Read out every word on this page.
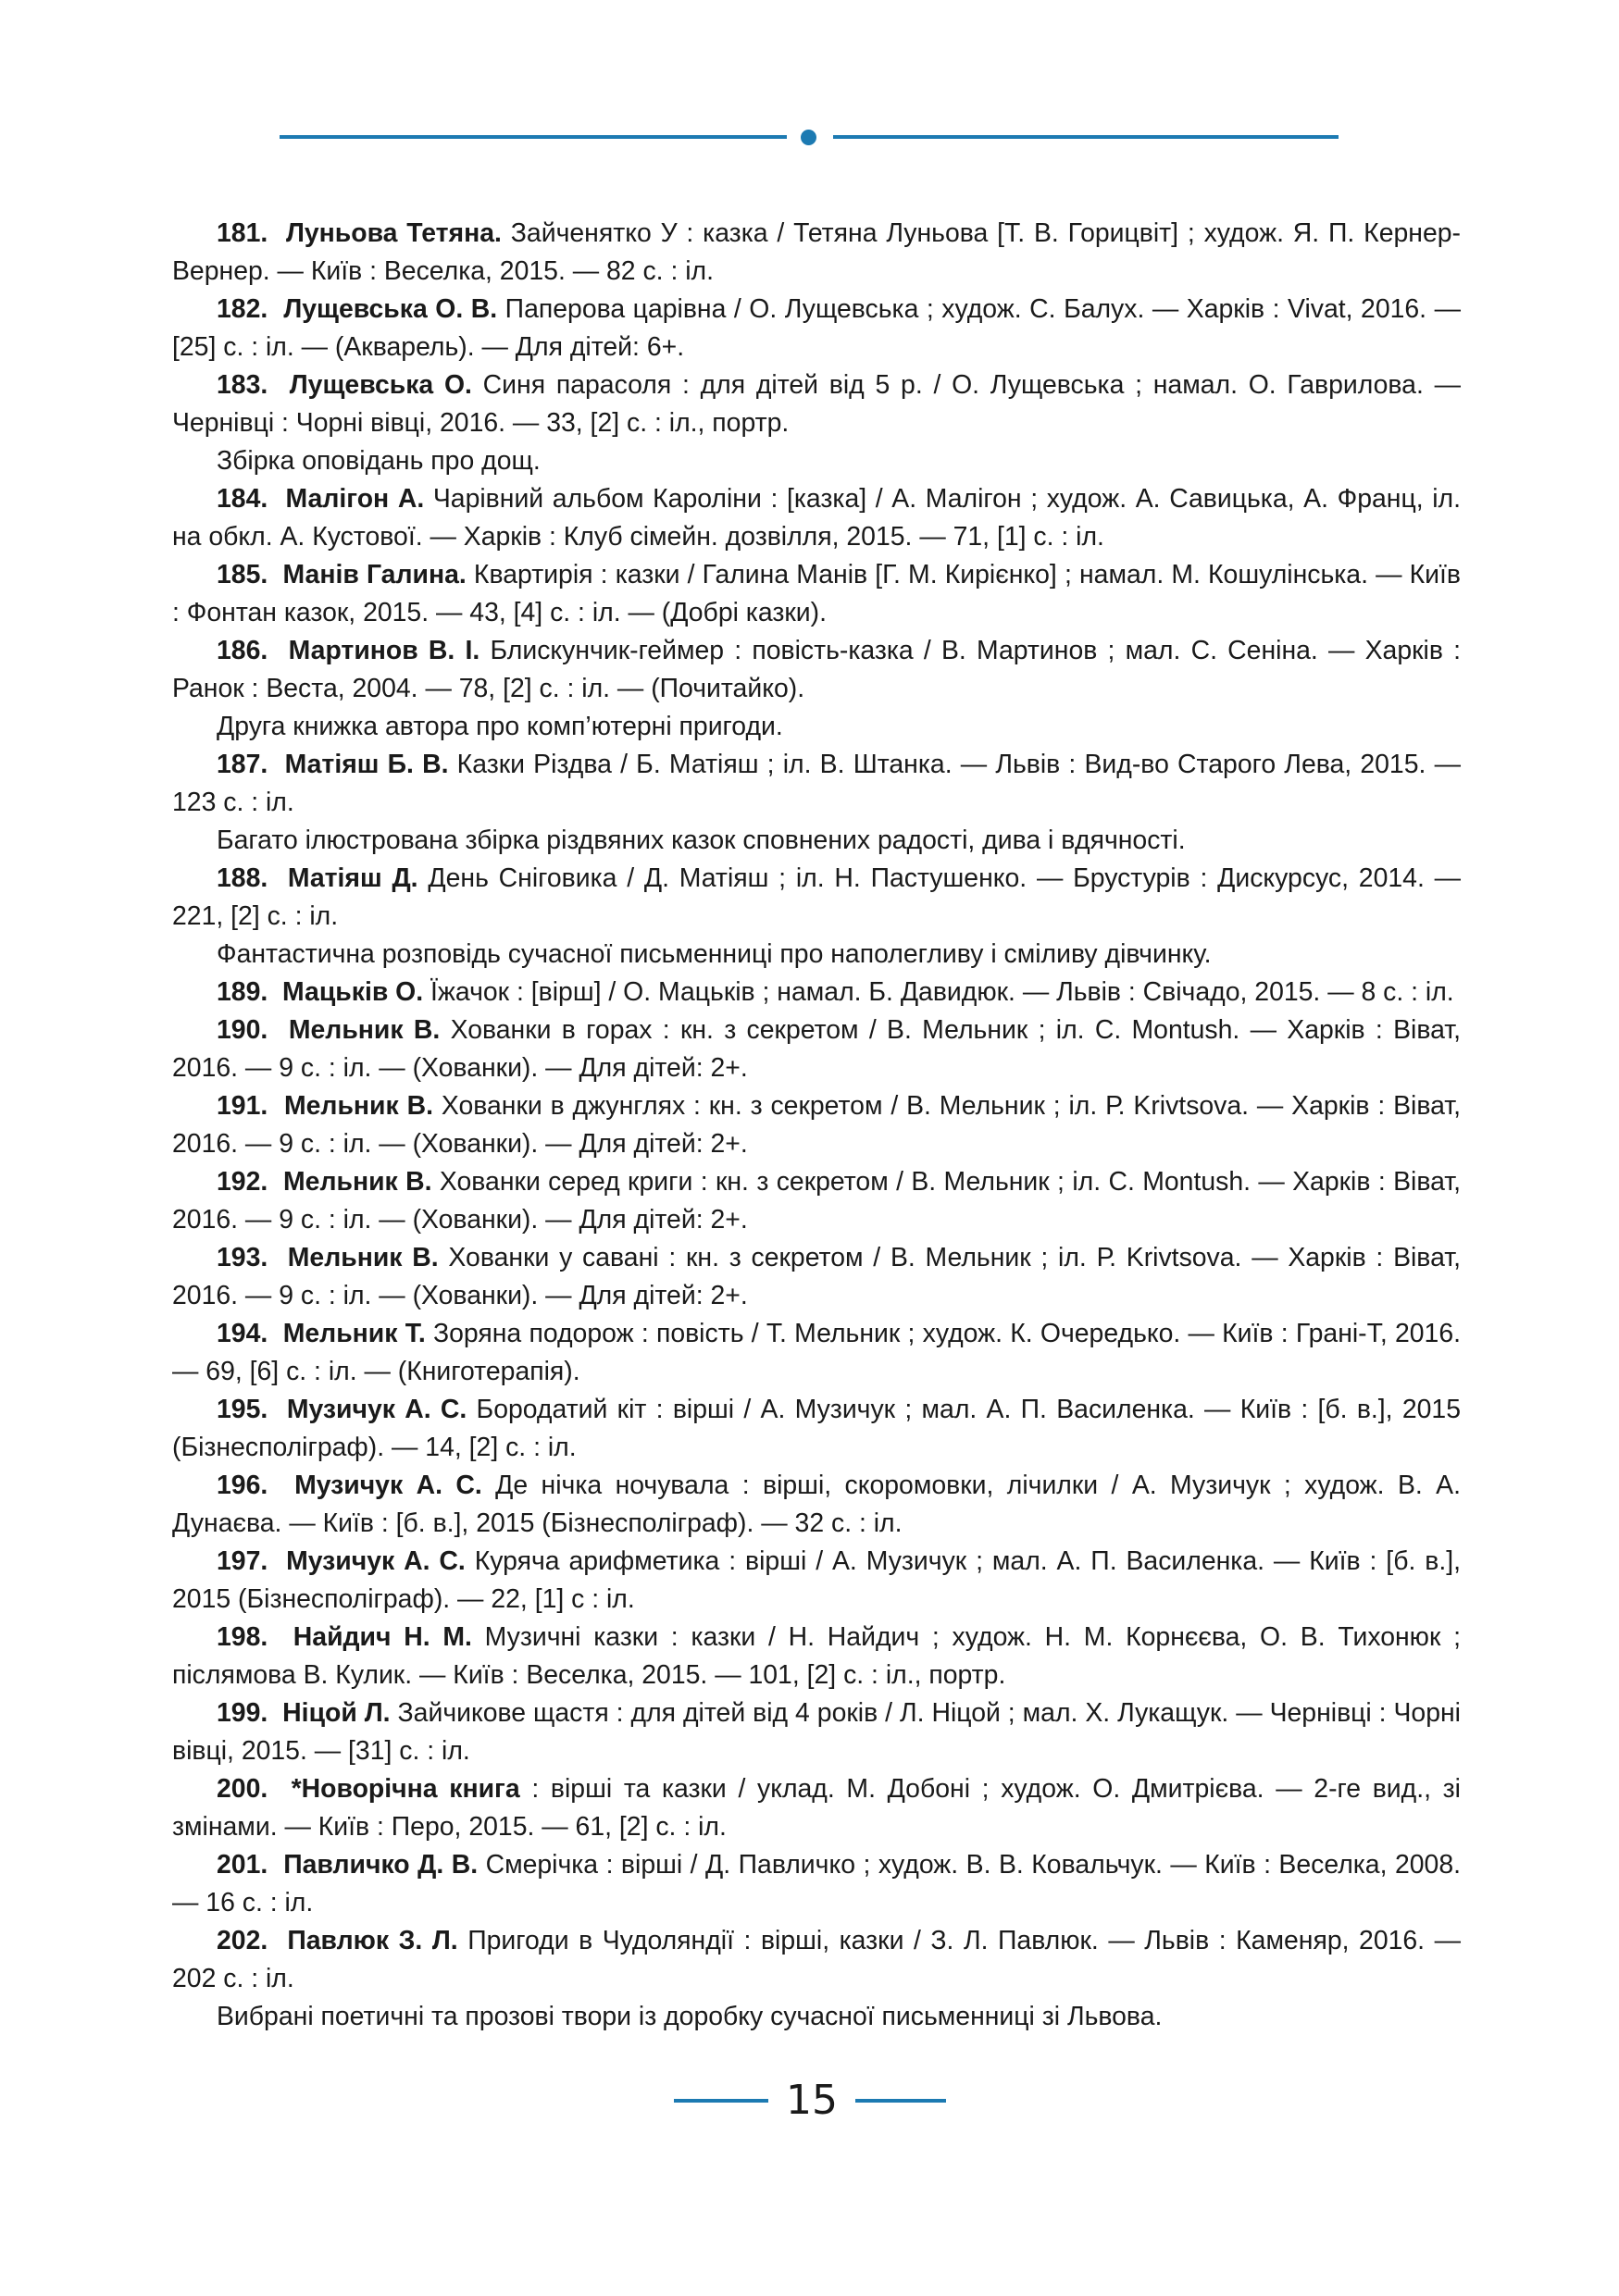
181. Луньова Тетяна. Зайченятко У : казка / Тетяна Луньова [Т. В. Горицвіт] ; худож. Я. П. Кернер-Вернер. — Київ : Веселка, 2015. — 82 с. : іл.

182. Лущевська О. В. Паперова царівна / О. Лущевська ; худож. С. Балух. — Харків : Vivat, 2016. — [25] с. : іл. — (Акварель). — Для дітей: 6+.

183. Лущевська О. Синя парасоля : для дітей від 5 р. / О. Лущевська ; намал. О. Гаврилова. — Чернівці : Чорні вівці, 2016. — 33, [2] с. : іл., портр.

Збірка оповідань про дощ.

184. Малігон А. Чарівний альбом Кароліни : [казка] / А. Малігон ; худож. А. Савицька, А. Франц, іл. на обкл. А. Кустової. — Харків : Клуб сімейн. дозвілля, 2015. — 71, [1] с. : іл.

185. Манів Галина. Квартирія : казки / Галина Манів [Г. М. Кирієнко] ; намал. М. Кошулінська. — Київ : Фонтан казок, 2015. — 43, [4] с. : іл. — (Добрі казки).

186. Мартинов В. І. Блискунчик-геймер : повість-казка / В. Мартинов ; мал. С. Сеніна. — Харків : Ранок : Веста, 2004. — 78, [2] с. : іл. — (Почитайко).

Друга книжка автора про комп’ютерні пригоди.

187. Матіяш Б. В. Казки Різдва / Б. Матіяш ; іл. В. Штанка. — Львів : Вид-во Старого Лева, 2015. — 123 с. : іл.

Багато ілюстрована збірка різдвяних казок сповнених радості, дива і вдячності.

188. Матіяш Д. День Сніговика / Д. Матіяш ; іл. Н. Пастушенко. — Брустурів : Дискурсус, 2014. — 221, [2] с. : іл.

Фантастична розповідь сучасної письменниці про наполегливу і сміливу дівчинку.

189. Мацьків О. Їжачок : [вірш] / О. Мацьків ; намал. Б. Давидюк. — Львів : Свічадо, 2015. — 8 с. : іл.

190. Мельник В. Хованки в горах : кн. з секретом / В. Мельник ; іл. С. Montush. — Харків : Віват, 2016. — 9 с. : іл. — (Хованки). — Для дітей: 2+.

191. Мельник В. Хованки в джунглях : кн. з секретом / В. Мельник ; іл. Р. Krivtsova. — Харків : Віват, 2016. — 9 с. : іл. — (Хованки). — Для дітей: 2+.

192. Мельник В. Хованки серед криги : кн. з секретом / В. Мельник ; іл. С. Montush. — Харків : Віват, 2016. — 9 с. : іл. — (Хованки). — Для дітей: 2+.

193. Мельник В. Хованки у савані : кн. з секретом / В. Мельник ; іл. Р. Krivtsova. — Харків : Віват, 2016. — 9 с. : іл. — (Хованки). — Для дітей: 2+.

194. Мельник Т. Зоряна подорож : повість / Т. Мельник ; худож. К. Очередько. — Київ : Грані-Т, 2016. — 69, [6] с. : іл. — (Книготерапія).

195. Музичук А. С. Бородатий кіт : вірші / А. Музичук ; мал. А. П. Василенка. — Київ : [б. в.], 2015 (Бізнесполіграф). — 14, [2] с. : іл.

196. Музичук А. С. Де нічка ночувала : вірші, скоромовки, лічилки / А. Музичук ; худож. В. А. Дунаєва. — Київ : [б. в.], 2015 (Бізнесполіграф). — 32 с. : іл.

197. Музичук А. С. Куряча арифметика : вірші / А. Музичук ; мал. А. П. Василенка. — Київ : [б. в.], 2015 (Бізнесполіграф). — 22, [1] с : іл.

198. Найдич Н. М. Музичні казки : казки / Н. Найдич ; худож. Н. М. Корнєєва, О. В. Тихонюк ; післямова В. Кулик. — Київ : Веселка, 2015. — 101, [2] с. : іл., портр.

199. Ніцой Л. Зайчикове щастя : для дітей від 4 років / Л. Ніцой ; мал. Х. Лукащук. — Чернівці : Чорні вівці, 2015. — [31] с. : іл.

200. *Новорічна книга : вірші та казки / уклад. М. Добоні ; худож. О. Дмитрієва. — 2-ге вид., зі змінами. — Київ : Перо, 2015. — 61, [2] с. : іл.

201. Павличко Д. В. Смерічка : вірші / Д. Павличко ; худож. В. В. Ковальчук. — Київ : Веселка, 2008. — 16 с. : іл.

202. Павлюк З. Л. Пригоди в Чудоляндії : вірші, казки / З. Л. Павлюк. — Львів : Каменяр, 2016. — 202 с. : іл.

Вибрані поетичні та прозові твори із доробку сучасної письменниці зі Львова.

15
